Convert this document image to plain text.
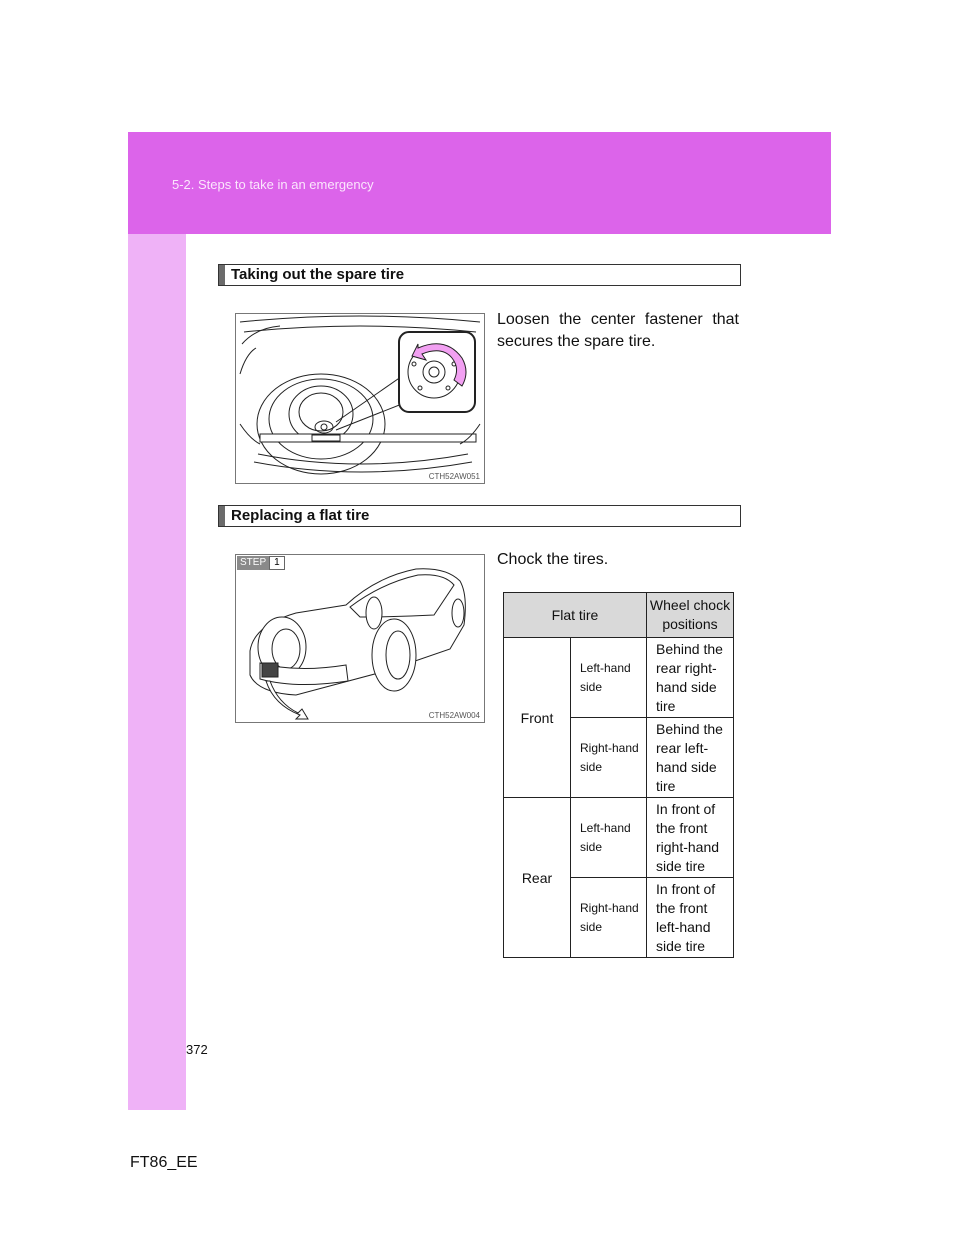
5-2. Steps to take in an emergency
Taking out the spare tire
CTH52AW051
Loosen the center fastener that secures the spare tire.
Replacing a flat tire
STEP 1
CTH52AW004
Chock the tires.
Flat tire		Wheel chock positions
Front	Left-hand side	Behind the rear right-hand side tire
	Right-hand side	Behind the rear left-hand side tire
Rear	Left-hand side	In front of the front right-hand side tire
	Right-hand side	In front of the front left-hand side tire
372
FT86_EE
